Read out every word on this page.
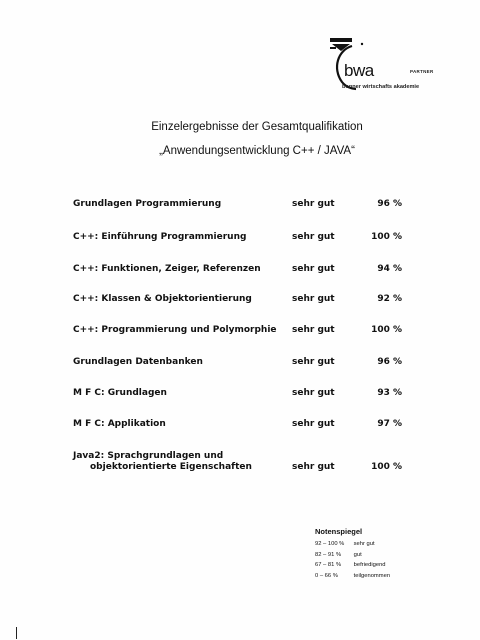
bwa
bonner wirtschafts akademie
PARTNER
Einzelergebnisse der Gesamtqualifikation
„Anwendungsentwicklung C++ / JAVA“
Grundlagen Programmierung	sehr gut	96 %
C++: Einführung Programmierung	sehr gut	100 %
C++: Funktionen, Zeiger, Referenzen	sehr gut	94 %
C++: Klassen & Objektorientierung	sehr gut	92 %
C++: Programmierung und Polymorphie	sehr gut	100 %
Grundlagen Datenbanken	sehr gut	96 %
M F C: Grundlagen	sehr gut	93 %
M F C: Applikation	sehr gut	97 %
Java2: Sprachgrundlagen und
objektorientierte Eigenschaften	sehr gut	100 %
Notenspiegel
92 – 100 % sehr gut
82 – 91 % gut
67 – 81 % befriedigend
0 – 66 %	teilgenommen
